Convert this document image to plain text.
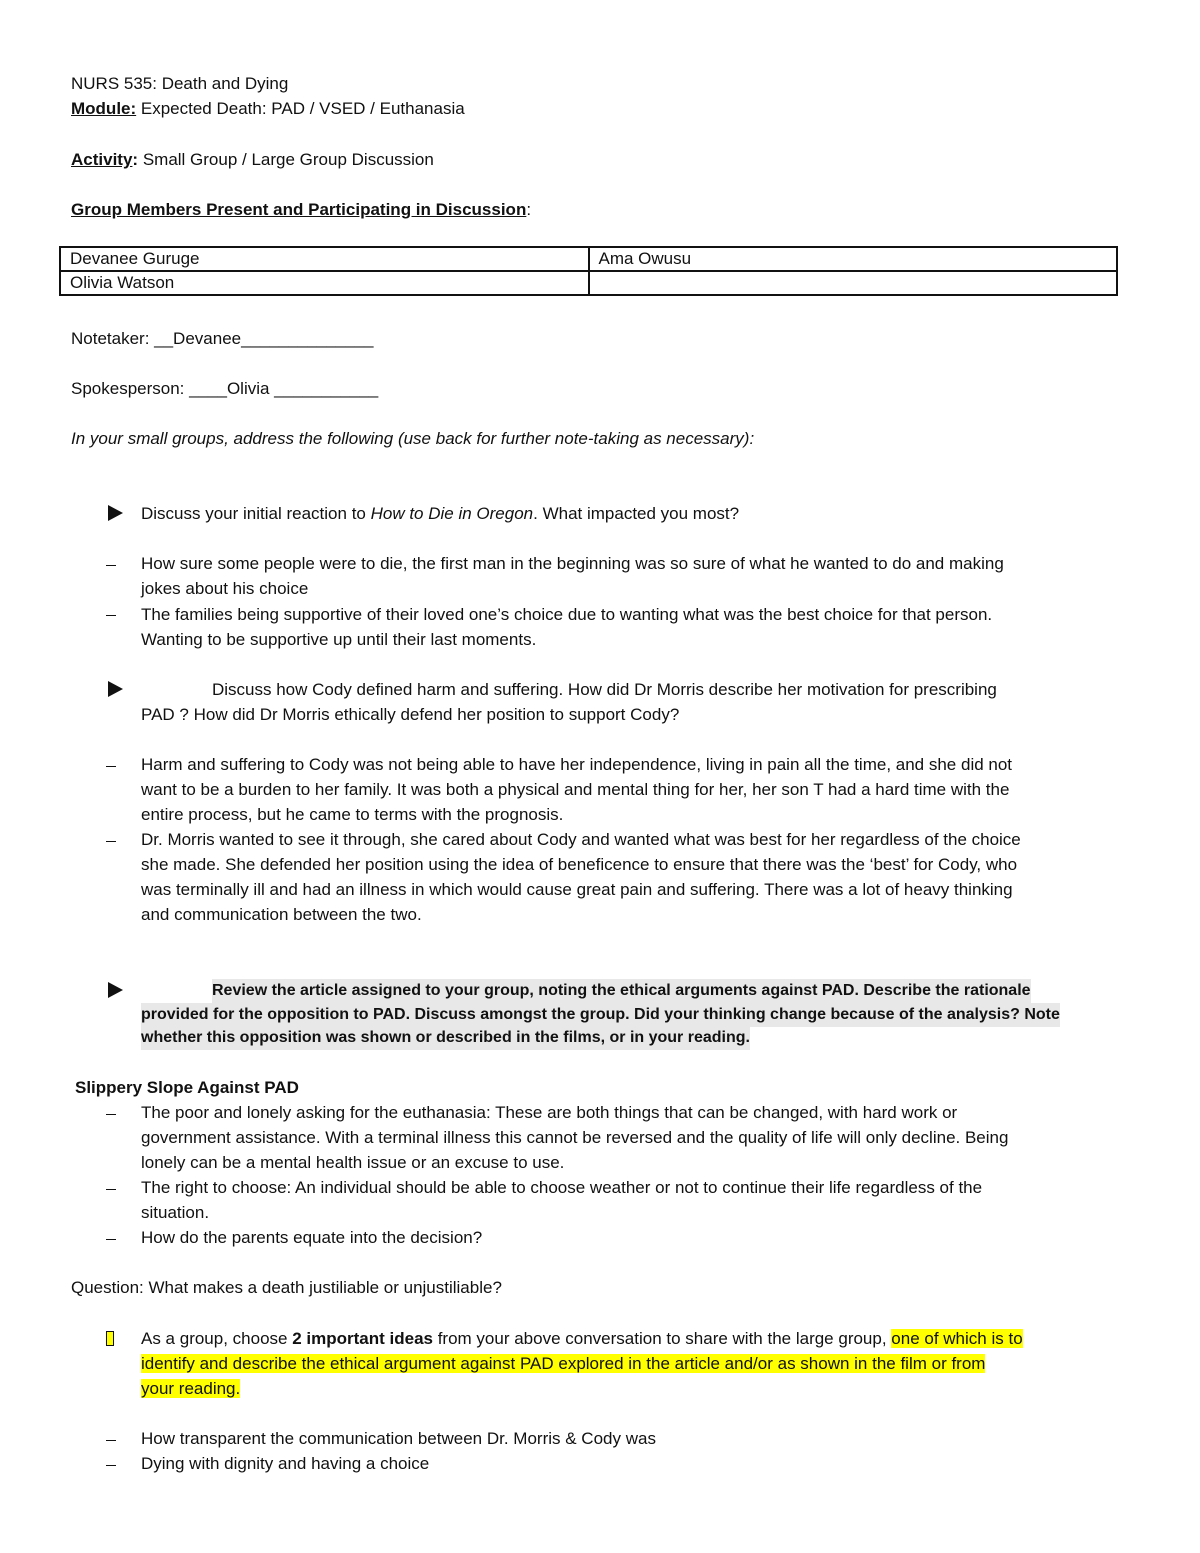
NURS 535: Death and Dying
Module: Expected Death: PAD / VSED / Euthanasia
Activity: Small Group / Large Group Discussion
Group Members Present and Participating in Discussion:
Devanee Guruge	Ama Owusu
Olivia Watson	
Notetaker: __Devanee______________
Spokesperson: ____Olivia ___________
In your small groups, address the following (use back for further note-taking as necessary):
Discuss your initial reaction to How to Die in Oregon. What impacted you most?
How sure some people were to die, the first man in the beginning was so sure of what he wanted to do and making
jokes about his choice
The families being supportive of their loved one’s choice due to wanting what was the best choice for that person.
Wanting to be supportive up until their last moments.
Discuss how Cody defined harm and suffering. How did Dr Morris describe her motivation for prescribing
PAD ? How did Dr Morris ethically defend her position to support Cody?
Harm and suffering to Cody was not being able to have her independence, living in pain all the time, and she did not
want to be a burden to her family. It was both a physical and mental thing for her, her son T had a hard time with the
entire process, but he came to terms with the prognosis.
Dr. Morris wanted to see it through, she cared about Cody and wanted what was best for her regardless of the choice
she made. She defended her position using the idea of beneficence to ensure that there was the ‘best’ for Cody, who
was terminally ill and had an illness in which would cause great pain and suffering. There was a lot of heavy thinking
and communication between the two.
Review the article assigned to your group, noting the ethical arguments against PAD. Describe the rationale
provided for the opposition to PAD. Discuss amongst the group. Did your thinking change because of the analysis? Note
whether this opposition was shown or described in the films, or in your reading.
Slippery Slope Against PAD
The poor and lonely asking for the euthanasia: These are both things that can be changed, with hard work or
government assistance. With a terminal illness this cannot be reversed and the quality of life will only decline. Being
lonely can be a mental health issue or an excuse to use.
The right to choose: An individual should be able to choose weather or not to continue their life regardless of the
situation.
How do the parents equate into the decision?
Question: What makes a death justiliable or unjustiliable?
As a group, choose 2 important ideas from your above conversation to share with the large group, one of which is to
identify and describe the ethical argument against PAD explored in the article and/or as shown in the film or from
your reading.
How transparent the communication between Dr. Morris & Cody was
Dying with dignity and having a choice
